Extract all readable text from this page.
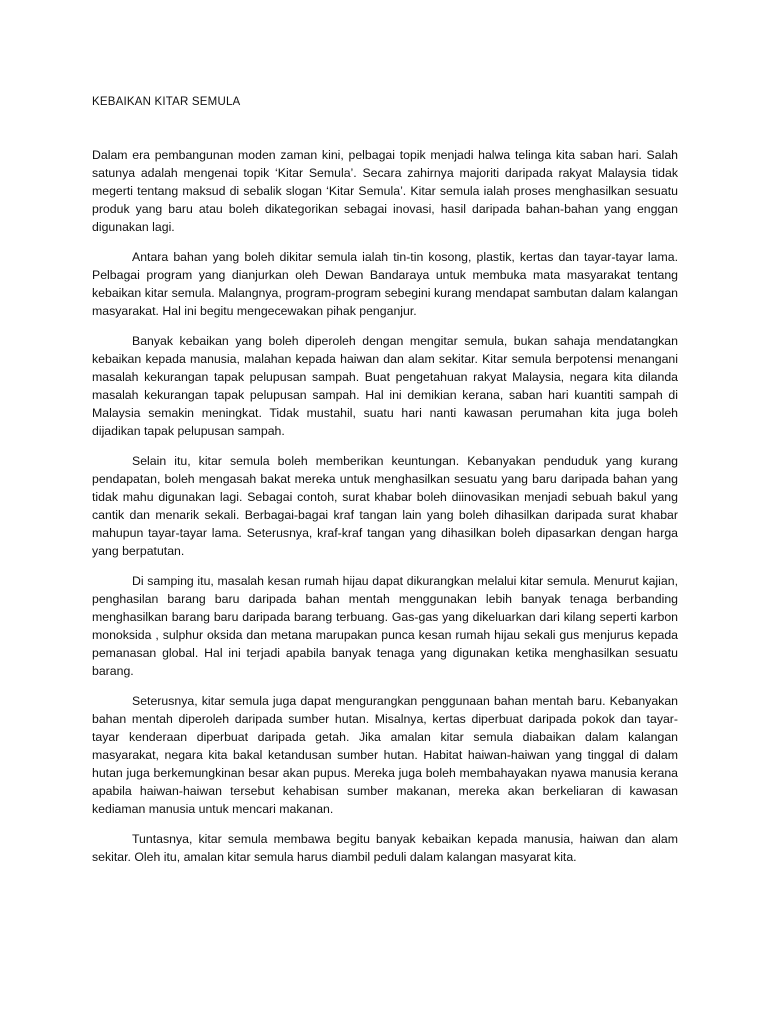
KEBAIKAN KITAR SEMULA

Dalam era pembangunan moden zaman kini, pelbagai topik menjadi halwa telinga kita saban hari. Salah satunya adalah mengenai topik ‘Kitar Semula’. Secara zahirnya majoriti daripada rakyat Malaysia tidak megerti tentang maksud di sebalik slogan ‘Kitar Semula’. Kitar semula ialah proses menghasilkan sesuatu produk yang baru atau boleh dikategorikan sebagai inovasi, hasil daripada bahan-bahan yang enggan digunakan lagi.

Antara bahan yang boleh dikitar semula ialah tin-tin kosong, plastik, kertas dan tayar-tayar lama. Pelbagai program yang dianjurkan oleh Dewan Bandaraya untuk membuka mata masyarakat tentang kebaikan kitar semula. Malangnya, program-program sebegini kurang mendapat sambutan dalam kalangan masyarakat. Hal ini begitu mengecewakan pihak penganjur.

Banyak kebaikan yang boleh diperoleh dengan mengitar semula, bukan sahaja mendatangkan kebaikan kepada manusia, malahan kepada haiwan dan alam sekitar. Kitar semula berpotensi menangani masalah kekurangan tapak pelupusan sampah. Buat pengetahuan rakyat Malaysia, negara kita dilanda masalah kekurangan tapak pelupusan sampah. Hal ini demikian kerana, saban hari kuantiti sampah di Malaysia semakin meningkat. Tidak mustahil, suatu hari nanti kawasan perumahan kita juga boleh dijadikan tapak pelupusan sampah.

Selain itu, kitar semula boleh memberikan keuntungan. Kebanyakan penduduk yang kurang pendapatan, boleh mengasah bakat mereka untuk menghasilkan sesuatu yang baru daripada bahan yang tidak mahu digunakan lagi. Sebagai contoh, surat khabar boleh diinovasikan menjadi sebuah bakul yang cantik dan menarik sekali. Berbagai-bagai kraf tangan lain yang boleh dihasilkan daripada surat khabar mahupun tayar-tayar lama. Seterusnya, kraf-kraf tangan yang dihasilkan boleh dipasarkan dengan harga yang berpatutan.

Di samping itu, masalah kesan rumah hijau dapat dikurangkan melalui kitar semula. Menurut kajian, penghasilan barang baru daripada bahan mentah menggunakan lebih banyak tenaga berbanding menghasilkan barang baru daripada barang terbuang. Gas-gas yang dikeluarkan dari kilang seperti karbon monoksida , sulphur oksida dan metana marupakan punca kesan rumah hijau sekali gus menjurus kepada pemanasan global. Hal ini terjadi apabila banyak tenaga yang digunakan ketika menghasilkan sesuatu barang.

Seterusnya, kitar semula juga dapat mengurangkan penggunaan bahan mentah baru. Kebanyakan bahan mentah diperoleh daripada sumber hutan. Misalnya, kertas diperbuat daripada pokok dan tayar-tayar kenderaan diperbuat daripada getah. Jika amalan kitar semula diabaikan dalam kalangan masyarakat, negara kita bakal ketandusan sumber hutan. Habitat haiwan-haiwan yang tinggal di dalam hutan juga berkemungkinan besar akan pupus. Mereka juga boleh membahayakan nyawa manusia kerana apabila haiwan-haiwan tersebut kehabisan sumber makanan, mereka akan berkeliaran di kawasan kediaman manusia untuk mencari makanan.

Tuntasnya, kitar semula membawa begitu banyak kebaikan kepada manusia, haiwan dan alam sekitar. Oleh itu, amalan kitar semula harus diambil peduli dalam kalangan masyarat kita.
